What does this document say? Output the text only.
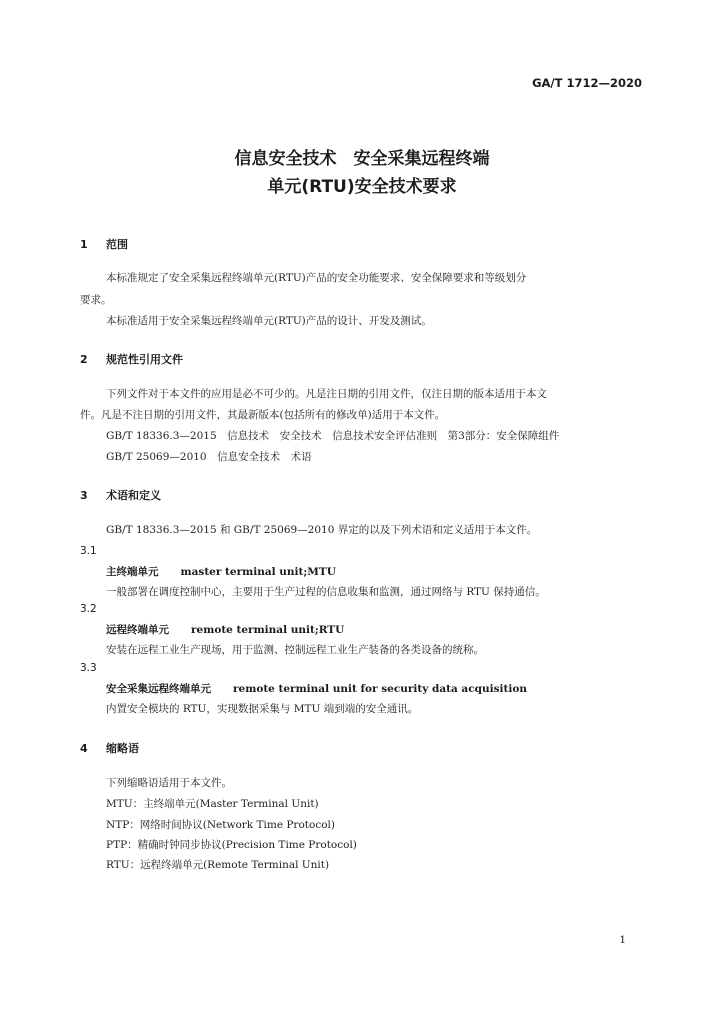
GA/T 1712—2020
信息安全技术　安全采集远程终端
单元(RTU)安全技术要求
1 范围
本标准规定了安全采集远程终端单元(RTU)产品的安全功能要求、安全保障要求和等级划分
要求。
本标准适用于安全采集远程终端单元(RTU)产品的设计、开发及测试。
2 规范性引用文件
下列文件对于本文件的应用是必不可少的。凡是注日期的引用文件，仅注日期的版本适用于本文
件。凡是不注日期的引用文件，其最新版本(包括所有的修改单)适用于本文件。
GB/T 18336.3—2015　信息技术　安全技术　信息技术安全评估准则　第3部分：安全保障组件
GB/T 25069—2010　信息安全技术　术语
3 术语和定义
GB/T 18336.3—2015 和 GB/T 25069—2010 界定的以及下列术语和定义适用于本文件。
3.1
主终端单元 master terminal unit;MTU
一般部署在调度控制中心，主要用于生产过程的信息收集和监测，通过网络与 RTU 保持通信。
3.2
远程终端单元 remote terminal unit;RTU
安装在远程工业生产现场，用于监测、控制远程工业生产装备的各类设备的统称。
3.3
安全采集远程终端单元 remote terminal unit for security data acquisition
内置安全模块的 RTU，实现数据采集与 MTU 端到端的安全通讯。
4 缩略语
下列缩略语适用于本文件。
MTU：主终端单元(Master Terminal Unit)
NTP：网络时间协议(Network Time Protocol)
PTP：精确时钟同步协议(Precision Time Protocol)
RTU：远程终端单元(Remote Terminal Unit)
1
